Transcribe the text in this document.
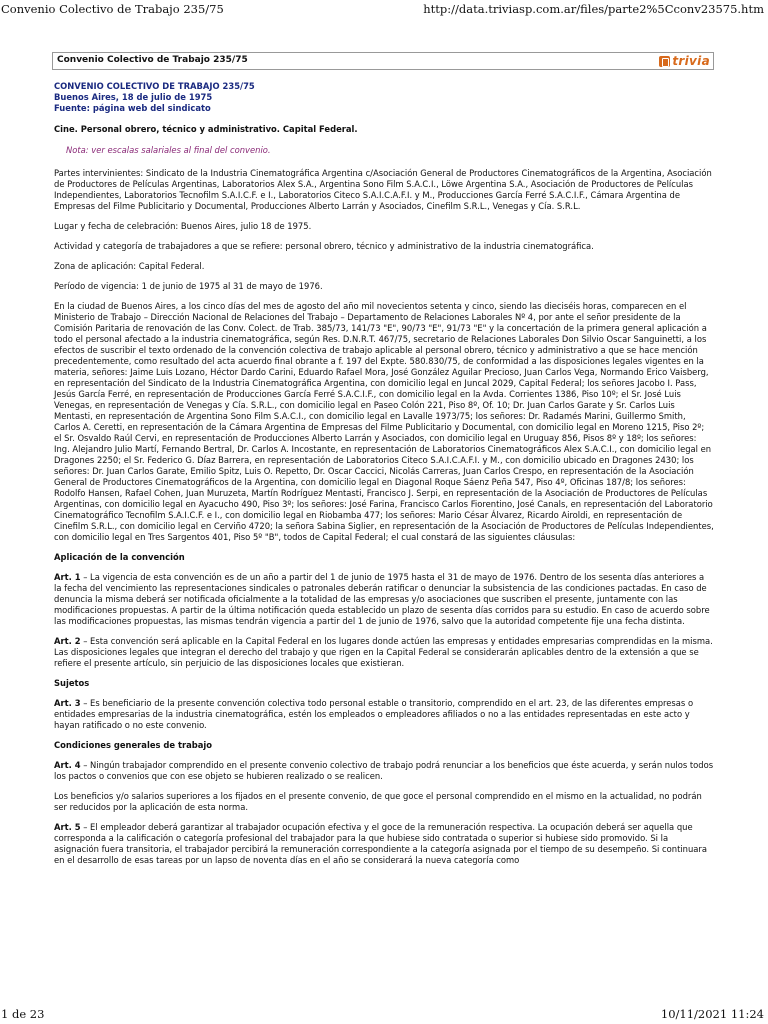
Convenio Colectivo de Trabajo 235/75	http://data.triviasp.com.ar/files/parte2%5Cconv23575.htm
Convenio Colectivo de Trabajo 235/75	trivia
CONVENIO COLECTIVO DE TRABAJO 235/75
Buenos Aires, 18 de julio de 1975
Fuente: página web del sindicato

Cine. Personal obrero, técnico y administrativo. Capital Federal.

Nota: ver escalas salariales al final del convenio.

Partes intervinientes: Sindicato de la Industria Cinematográfica Argentina c/Asociación General de Productores Cinematográficos de la Argentina, Asociación de Productores de Películas Argentinas, Laboratorios Alex S.A., Argentina Sono Film S.A.C.I., Löwe Argentina S.A., Asociación de Productores de Películas Independientes, Laboratorios Tecnofilm S.A.I.C.F. e I., Laboratorios Citeco S.A.I.C.A.F.I. y M., Producciones García Ferré S.A.C.I.F., Cámara Argentina de Empresas del Filme Publicitario y Documental, Producciones Alberto Larrán y Asociados, Cinefilm S.R.L., Venegas y Cía. S.R.L.

Lugar y fecha de celebración: Buenos Aires, julio 18 de 1975.

Actividad y categoría de trabajadores a que se refiere: personal obrero, técnico y administrativo de la industria cinematográfica.

Zona de aplicación: Capital Federal.

Período de vigencia: 1 de junio de 1975 al 31 de mayo de 1976.

En la ciudad de Buenos Aires, a los cinco días del mes de agosto del año mil novecientos setenta y cinco, siendo las dieciséis horas, comparecen en el Ministerio de Trabajo – Dirección Nacional de Relaciones del Trabajo – Departamento de Relaciones Laborales Nº 4, por ante el señor presidente de la Comisión Paritaria de renovación de las Conv. Colect. de Trab. 385/73, 141/73 "E", 90/73 "E", 91/73 "E" y la concertación de la primera general aplicación a todo el personal afectado a la industria cinematográfica, según Res. D.N.R.T. 467/75, secretario de Relaciones Laborales Don Silvio Oscar Sanguinetti, a los efectos de suscribir el texto ordenado de la convención colectiva de trabajo aplicable al personal obrero, técnico y administrativo a que se hace mención precedentemente, como resultado del acta acuerdo final obrante a f. 197 del Expte. 580.830/75, de conformidad a las disposiciones legales vigentes en la materia, señores: Jaime Luis Lozano, Héctor Dardo Carini, Eduardo Rafael Mora, José González Aguilar Precioso, Juan Carlos Vega, Normando Erico Vaisberg, en representación del Sindicato de la Industria Cinematográfica Argentina, con domicilio legal en Juncal 2029, Capital Federal; los señores Jacobo I. Pass, Jesús García Ferré, en representación de Producciones García Ferré S.A.C.I.F., con domicilio legal en la Avda. Corrientes 1386, Piso 10º; el Sr. José Luis Venegas, en representación de Venegas y Cía. S.R.L., con domicilio legal en Paseo Colón 221, Piso 8º, Of. 10; Dr. Juan Carlos Garate y Sr. Carlos Luis Mentasti, en representación de Argentina Sono Film S.A.C.I., con domicilio legal en Lavalle 1973/75; los señores: Dr. Radamés Marini, Guillermo Smith, Carlos A. Ceretti, en representación de la Cámara Argentina de Empresas del Filme Publicitario y Documental, con domicilio legal en Moreno 1215, Piso 2º; el Sr. Osvaldo Raúl Cervi, en representación de Producciones Alberto Larrán y Asociados, con domicilio legal en Uruguay 856, Pisos 8º y 18º; los señores: Ing. Alejandro Julio Martí, Fernando Bertral, Dr. Carlos A. Incostante, en representación de Laboratorios Cinematográficos Alex S.A.C.I., con domicilio legal en Dragones 2250; el Sr. Federico G. Díaz Barrera, en representación de Laboratorios Citeco S.A.I.C.A.F.I. y M., con domicilio ubicado en Dragones 2430; los señores: Dr. Juan Carlos Garate, Emilio Spitz, Luis O. Repetto, Dr. Oscar Caccici, Nicolás Carreras, Juan Carlos Crespo, en representación de la Asociación General de Productores Cinematográficos de la Argentina, con domicilio legal en Diagonal Roque Sáenz Peña 547, Piso 4º, Oficinas 187/8; los señores: Rodolfo Hansen, Rafael Cohen, Juan Muruzeta, Martín Rodríguez Mentasti, Francisco J. Serpi, en representación de la Asociación de Productores de Películas Argentinas, con domicilio legal en Ayacucho 490, Piso 3º; los señores: José Farina, Francisco Carlos Fiorentino, José Canals, en representación del Laboratorio Cinematográfico Tecnofilm S.A.I.C.F. e I., con domicilio legal en Riobamba 477; los señores: Mario César Álvarez, Ricardo Airoldi, en representación de Cinefilm S.R.L., con domicilio legal en Cerviño 4720; la señora Sabina Siglier, en representación de la Asociación de Productores de Películas Independientes, con domicilio legal en Tres Sargentos 401, Piso 5º "B", todos de Capital Federal; el cual constará de las siguientes cláusulas:

Aplicación de la convención

Art. 1 – La vigencia de esta convención es de un año a partir del 1 de junio de 1975 hasta el 31 de mayo de 1976. Dentro de los sesenta días anteriores a la fecha del vencimiento las representaciones sindicales o patronales deberán ratificar o denunciar la subsistencia de las condiciones pactadas. En caso de denuncia la misma deberá ser notificada oficialmente a la totalidad de las empresas y/o asociaciones que suscriben el presente, juntamente con las modificaciones propuestas. A partir de la última notificación queda establecido un plazo de sesenta días corridos para su estudio. En caso de acuerdo sobre las modificaciones propuestas, las mismas tendrán vigencia a partir del 1 de junio de 1976, salvo que la autoridad competente fije una fecha distinta.

Art. 2 – Esta convención será aplicable en la Capital Federal en los lugares donde actúen las empresas y entidades empresarias comprendidas en la misma. Las disposiciones legales que integran el derecho del trabajo y que rigen en la Capital Federal se considerarán aplicables dentro de la extensión a que se refiere el presente artículo, sin perjuicio de las disposiciones locales que existieran.

Sujetos

Art. 3 – Es beneficiario de la presente convención colectiva todo personal estable o transitorio, comprendido en el art. 23, de las diferentes empresas o entidades empresarias de la industria cinematográfica, estén los empleados o empleadores afiliados o no a las entidades representadas en este acto y hayan ratificado o no este convenio.

Condiciones generales de trabajo

Art. 4 – Ningún trabajador comprendido en el presente convenio colectivo de trabajo podrá renunciar a los beneficios que éste acuerda, y serán nulos todos los pactos o convenios que con ese objeto se hubieren realizado o se realicen.

Los beneficios y/o salarios superiores a los fijados en el presente convenio, de que goce el personal comprendido en el mismo en la actualidad, no podrán ser reducidos por la aplicación de esta norma.

Art. 5 – El empleador deberá garantizar al trabajador ocupación efectiva y el goce de la remuneración respectiva. La ocupación deberá ser aquella que corresponda a la calificación o categoría profesional del trabajador para la que hubiese sido contratada o superior si hubiese sido promovido. Si la asignación fuera transitoria, el trabajador percibirá la remuneración correspondiente a la categoría asignada por el tiempo de su desempeño. Si continuara en el desarrollo de esas tareas por un lapso de noventa días en el año se considerará la nueva categoría como

1 de 23	10/11/2021 11:24
